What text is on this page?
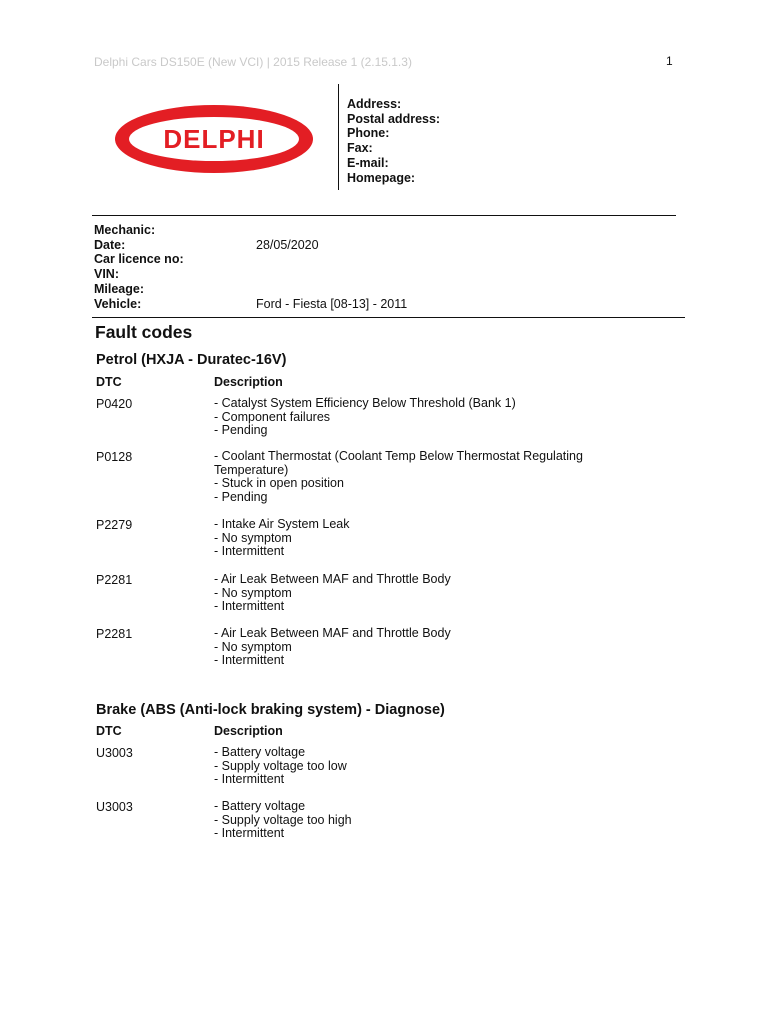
Delphi Cars DS150E (New VCI) | 2015 Release 1 (2.15.1.3)	1
DELPHI
Address:
Postal address:
Phone:
Fax:
E-mail:
Homepage:
Mechanic:
Date:	28/05/2020
Car licence no:
VIN:
Mileage:
Vehicle:	Ford - Fiesta [08-13] - 2011
Fault codes
Petrol (HXJA - Duratec-16V)
DTC	Description
P0420	- Catalyst System Efficiency Below Threshold (Bank 1)
- Component failures
- Pending
P0128	- Coolant Thermostat (Coolant Temp Below Thermostat Regulating Temperature)
- Stuck in open position
- Pending
P2279	- Intake Air System Leak
- No symptom
- Intermittent
P2281	- Air Leak Between MAF and Throttle Body
- No symptom
- Intermittent
P2281	- Air Leak Between MAF and Throttle Body
- No symptom
- Intermittent
Brake (ABS (Anti-lock braking system) - Diagnose)
DTC	Description
U3003	- Battery voltage
- Supply voltage too low
- Intermittent
U3003	- Battery voltage
- Supply voltage too high
- Intermittent
